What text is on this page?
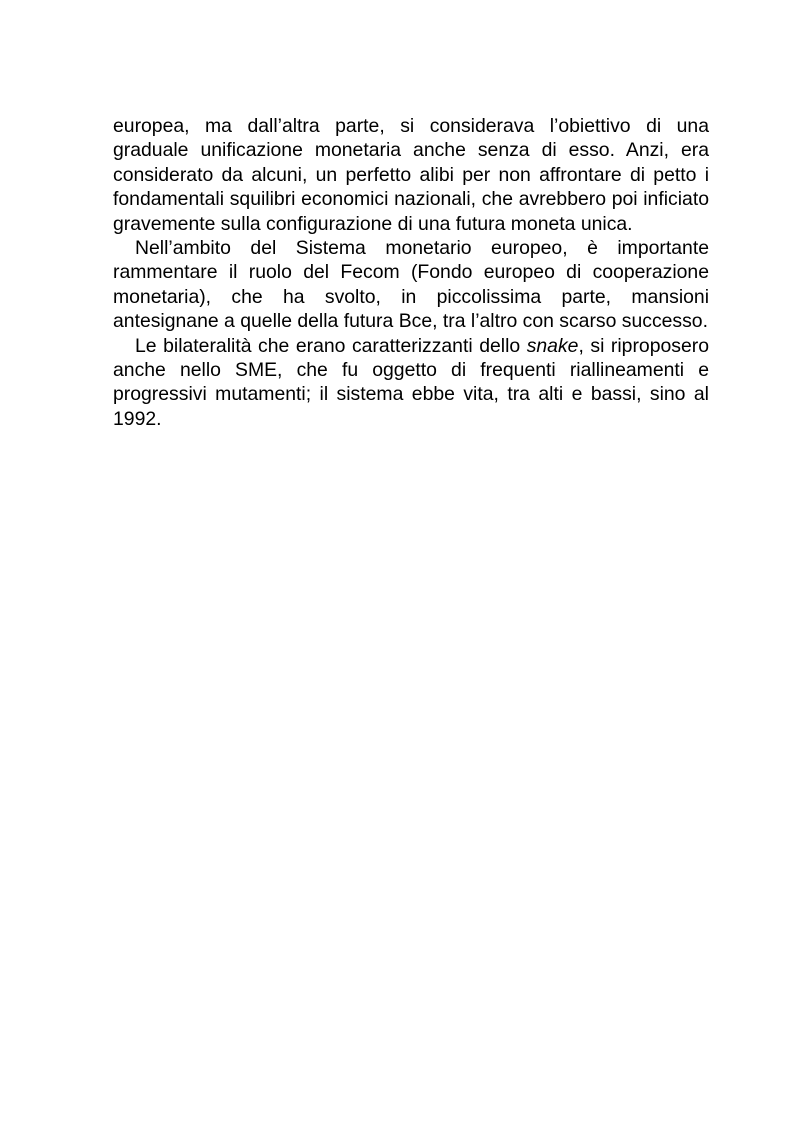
europea, ma dall’altra parte, si considerava l’obiettivo di una graduale unificazione monetaria anche senza di esso. Anzi, era considerato da alcuni, un perfetto alibi per non affrontare di petto i fondamentali squilibri economici nazionali, che avrebbero poi inficiato gravemente sulla configurazione di una futura moneta unica.

Nell’ambito del Sistema monetario europeo, è importante rammentare il ruolo del Fecom (Fondo europeo di cooperazione monetaria), che ha svolto, in piccolissima parte, mansioni antesignane a quelle della futura Bce, tra l’altro con scarso successo.

Le bilateralità che erano caratterizzanti dello snake, si riproposero anche nello SME, che fu oggetto di frequenti riallineamenti e progressivi mutamenti; il sistema ebbe vita, tra alti e bassi, sino al 1992.
